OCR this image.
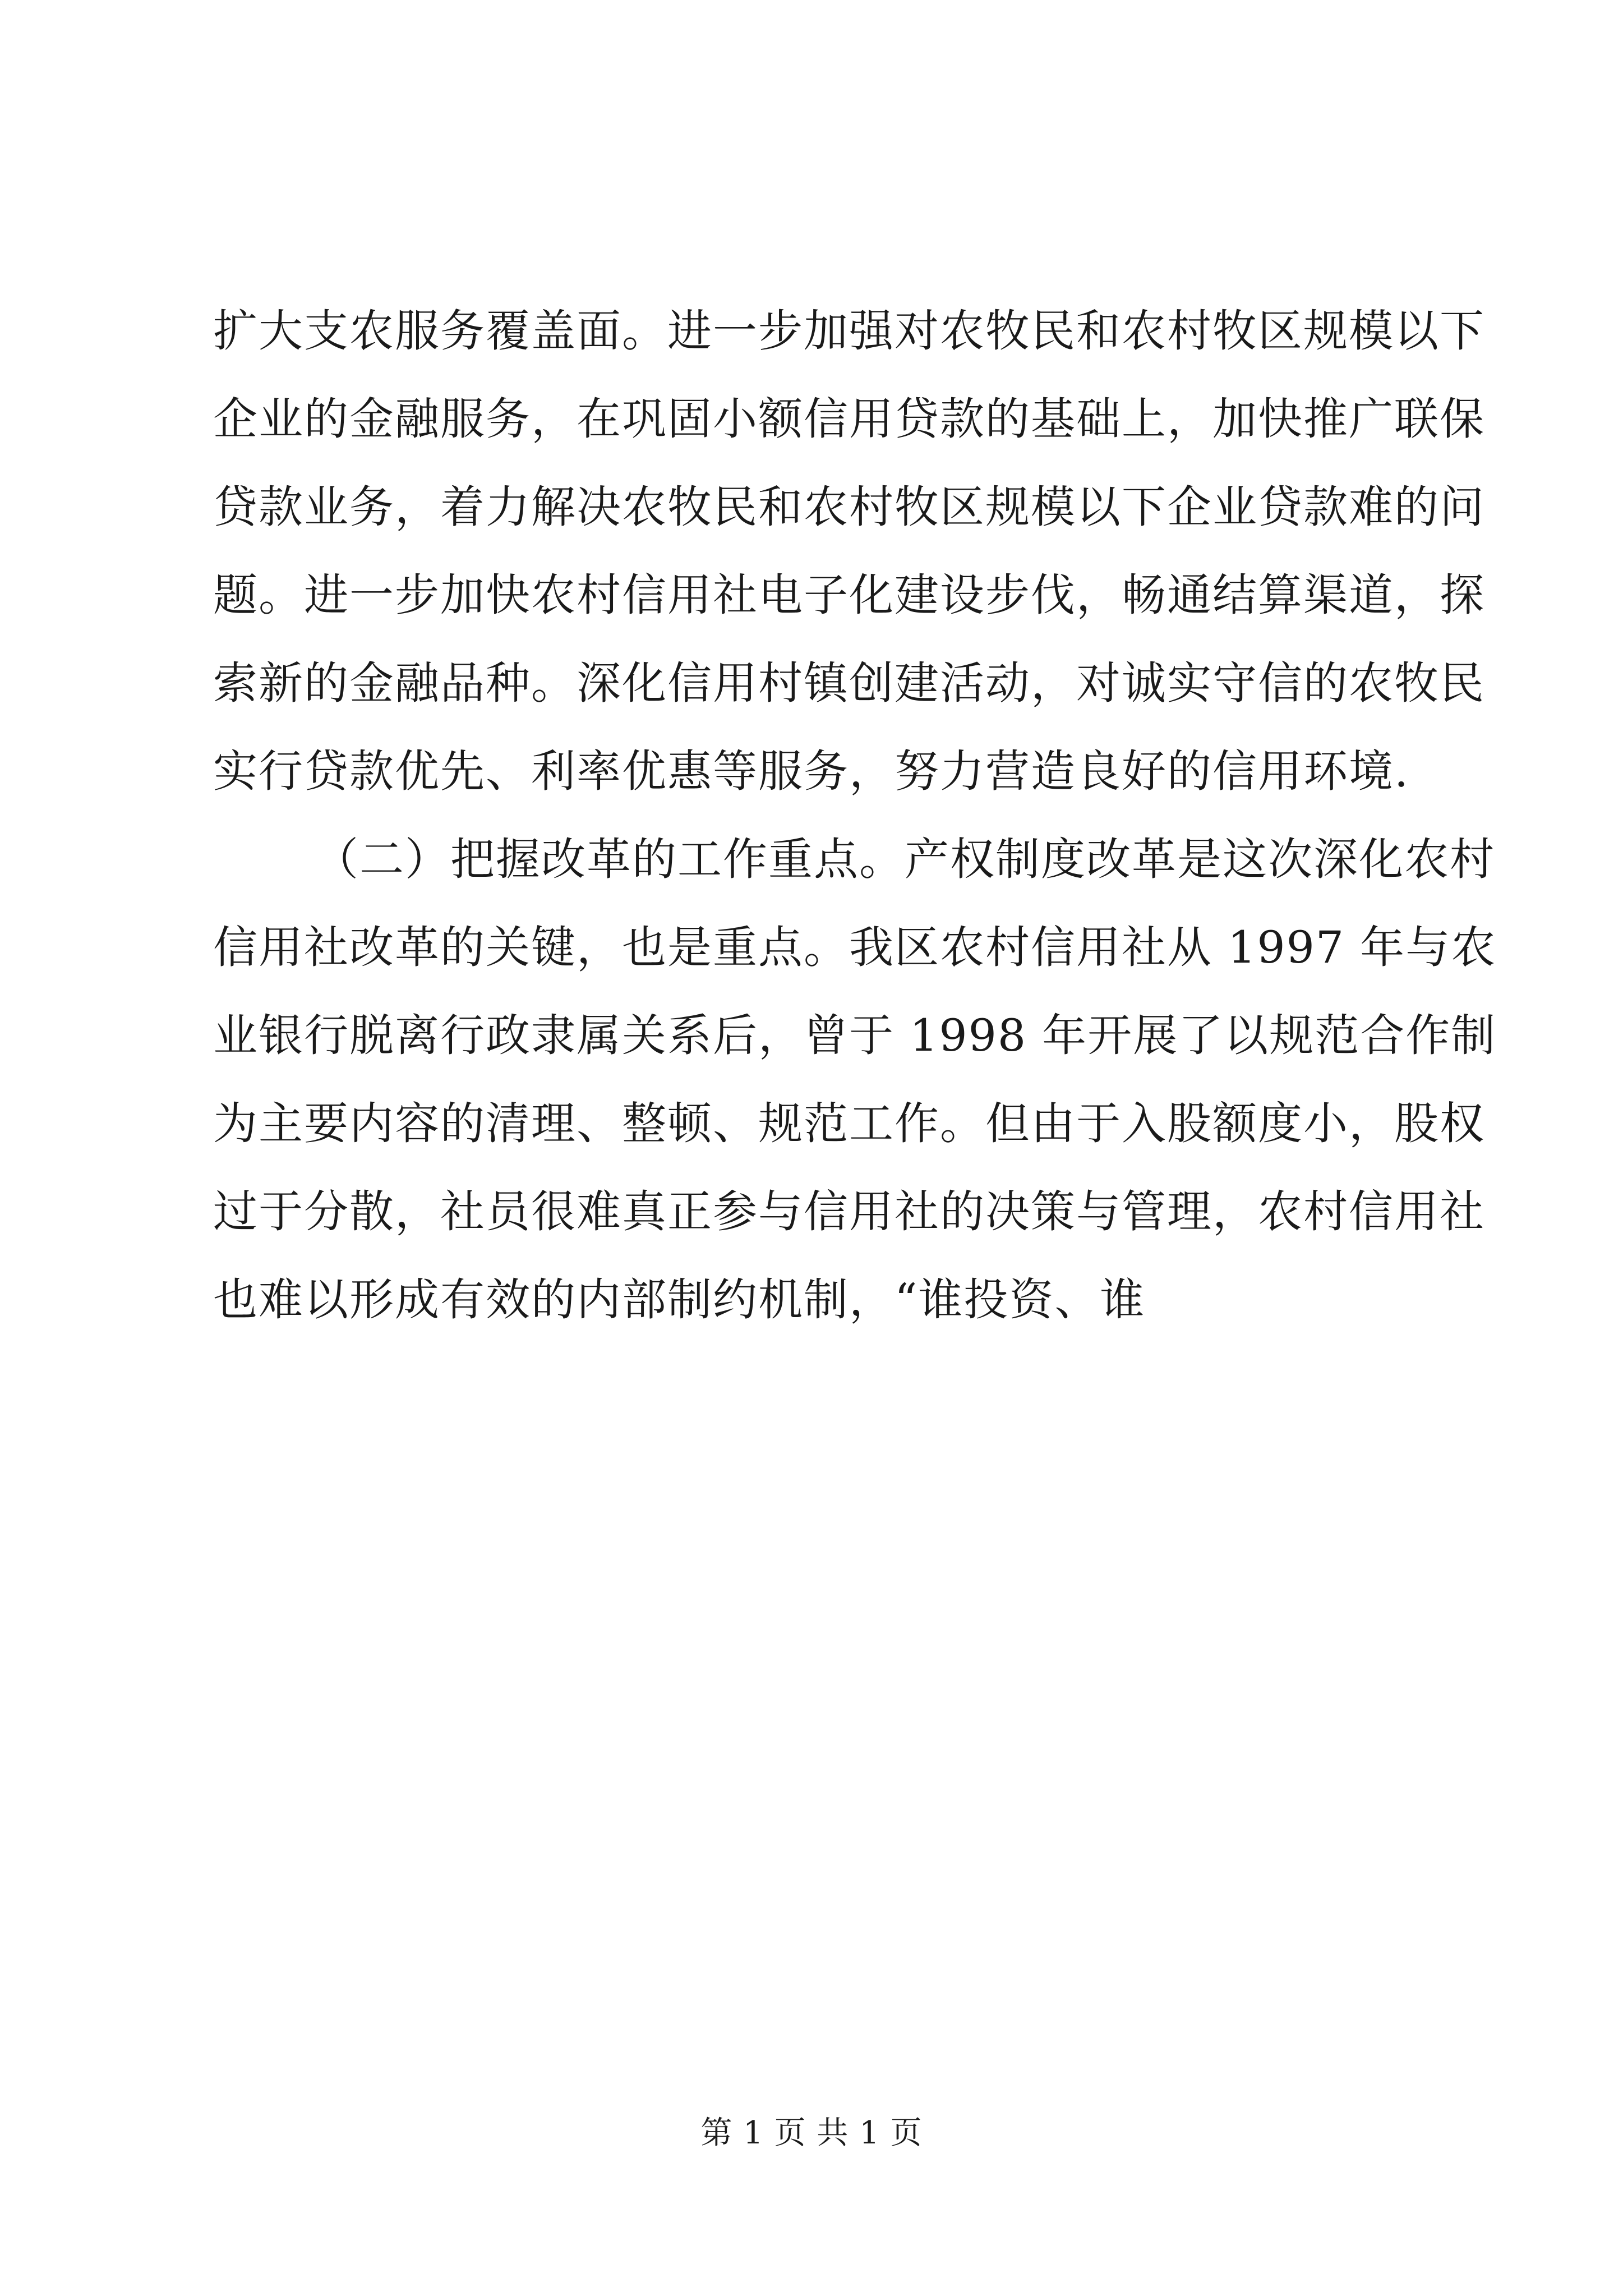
扩大支农服务覆盖面。进一步加强对农牧民和农村牧区规模以下
企业的金融服务，在巩固小额信用贷款的基础上，加快推广联保
贷款业务，着力解决农牧民和农村牧区规模以下企业贷款难的问
题。进一步加快农村信用社电子化建设步伐，畅通结算渠道，探
索新的金融品种。深化信用村镇创建活动，对诚实守信的农牧民
实行贷款优先、利率优惠等服务，努力营造良好的信用环境.
（二）把握改革的工作重点。产权制度改革是这次深化农村
信用社改革的关键，也是重点。我区农村信用社从 1997 年与农
业银行脱离行政隶属关系后，曾于 1998 年开展了以规范合作制
为主要内容的清理、整顿、规范工作。但由于入股额度小，股权
过于分散，社员很难真正参与信用社的决策与管理，农村信用社
也难以形成有效的内部制约机制，“谁投资、谁
第 1 页 共 1 页
